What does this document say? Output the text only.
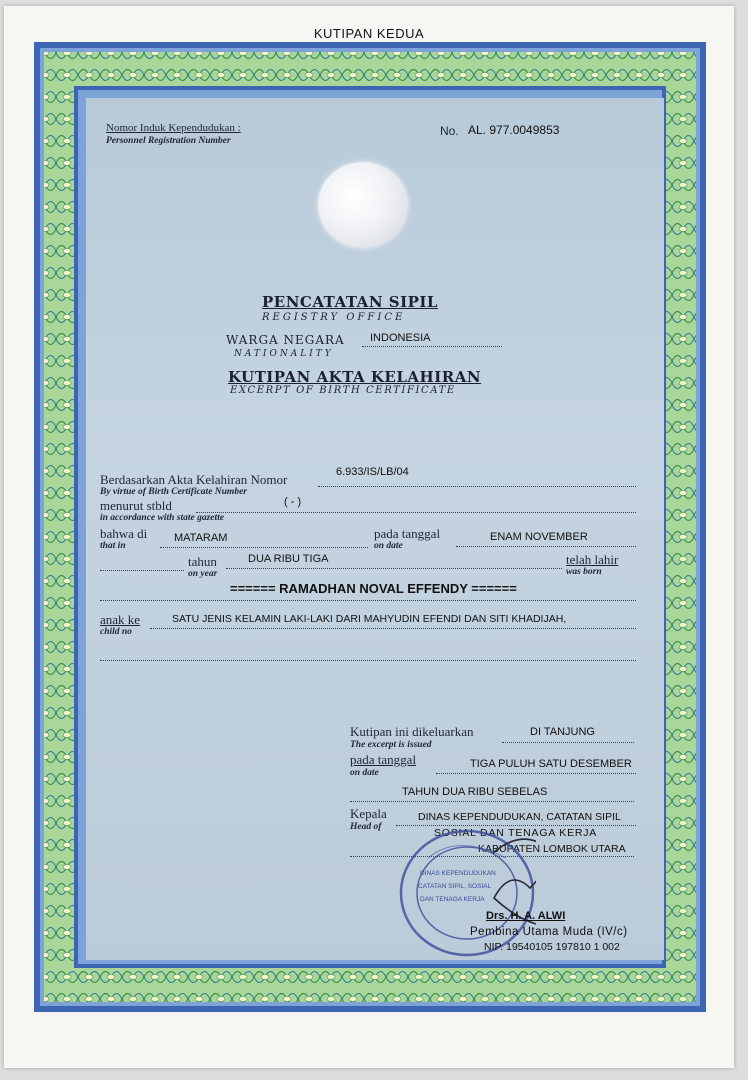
KUTIPAN KEDUA
Nomor Induk Kependudukan :
Personnel Registration Number
No. AL. 977.0049853
PENCATATAN SIPIL
REGISTRY OFFICE
WARGA NEGARA
NATIONALITY
INDONESIA
KUTIPAN AKTA KELAHIRAN
EXCERPT OF BIRTH CERTIFICATE
Berdasarkan Akta Kelahiran Nomor
By virtue of Birth Certificate Number
6.933/IS/LB/04
menurut stbld
in accordance with state gazette
( - )
bahwa di
that in
MATARAM	pada tanggal
on date
ENAM NOVEMBER
tahun
on year
DUA RIBU TIGA	telah lahir
was born
====== RAMADHAN NOVAL EFFENDY ======
anak ke
child no
SATU JENIS KELAMIN LAKI-LAKI DARI MAHYUDIN EFENDI DAN SITI KHADIJAH,
Kutipan ini dikeluarkan
The excerpt is issued
DI TANJUNG
pada tanggal
on date
TIGA PULUH SATU DESEMBER
TAHUN DUA RIBU SEBELAS
Kepala
Head of
DINAS KEPENDUDUKAN, CATATAN SIPIL
SOSIAL DAN TENAGA KERJA
KABUPATEN LOMBOK UTARA
DINAS KEPENDUDUKAN
CATATAN SIPIL, SOSIAL
DAN TENAGA KERJA
Drs. H. A. ALWI
Pembina Utama Muda (IV/c)
NIP. 19540105 197810 1 002
